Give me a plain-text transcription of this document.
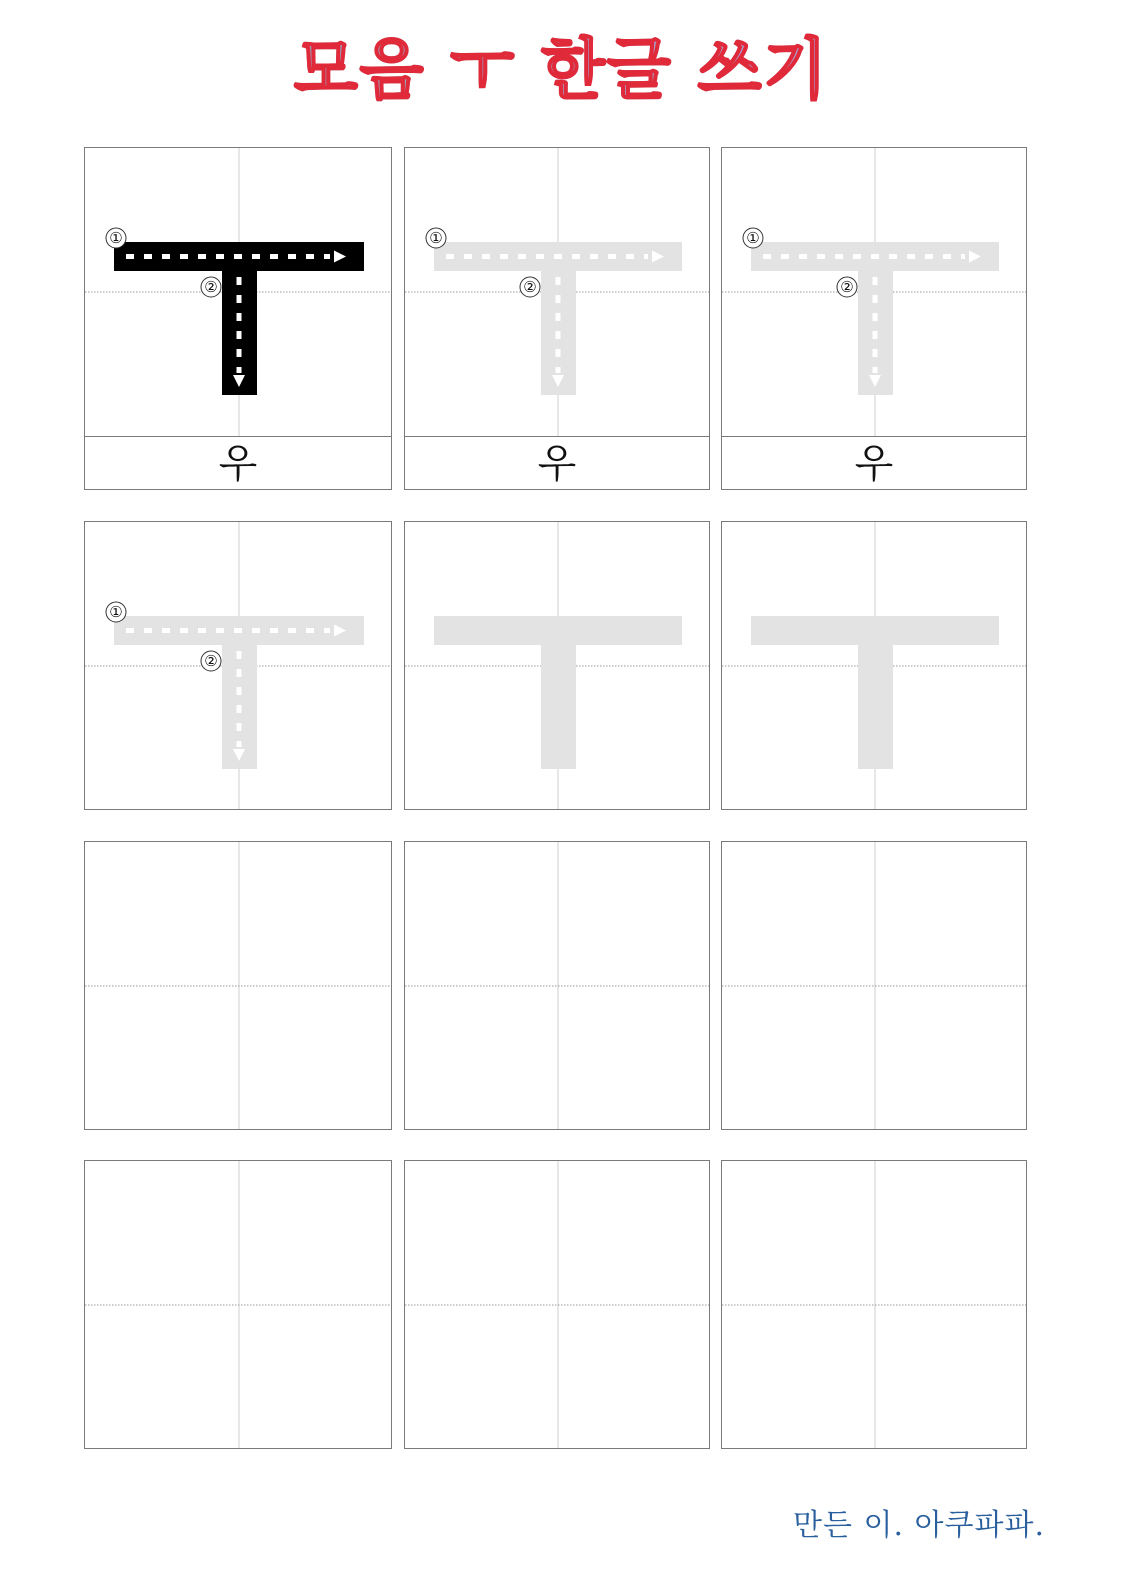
모음 ㅜ 한글 쓰기
①
②
우
①
②
우
①
②
우
①
②
만든 이. 아쿠파파.
